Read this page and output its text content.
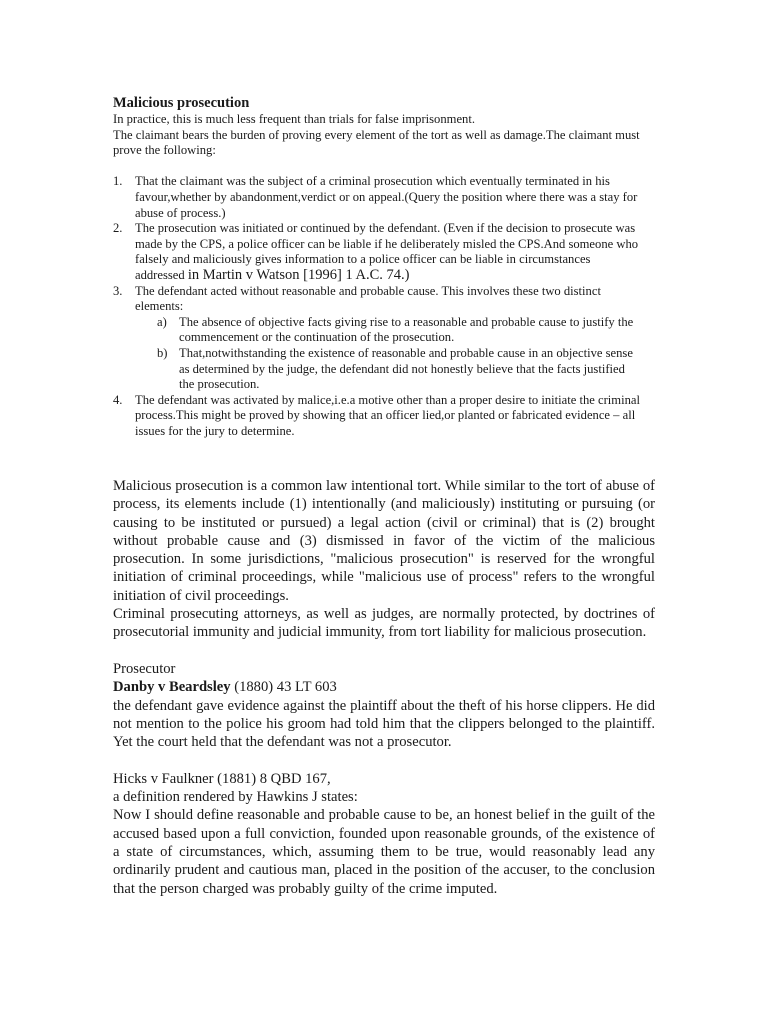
Malicious prosecution

In practice, this is much less frequent than trials for false imprisonment.

The claimant bears the burden of proving every element of the tort as well as damage.The claimant must prove the following:

1. That the claimant was the subject of a criminal prosecution which eventually terminated in his favour,whether by abandonment,verdict or on appeal.(Query the position where there was a stay for abuse of process.)
2. The prosecution was initiated or continued by the defendant. (Even if the decision to prosecute was made by the CPS, a police officer can be liable if he deliberately misled the CPS.And someone who falsely and maliciously gives information to a police officer can be liable in circumstances addressed in Martin v Watson [1996] 1 A.C. 74.)
3. The defendant acted without reasonable and probable cause. This involves these two distinct elements:
a) The absence of objective facts giving rise to a reasonable and probable cause to justify the commencement or the continuation of the prosecution.
b) That,notwithstanding the existence of reasonable and probable cause in an objective sense as determined by the judge, the defendant did not honestly believe that the facts justified the prosecution.
4. The defendant was activated by malice,i.e.a motive other than a proper desire to initiate the criminal process.This might be proved by showing that an officer lied,or planted or fabricated evidence – all issues for the jury to determine.

Malicious prosecution is a common law intentional tort. While similar to the tort of abuse of process, its elements include (1) intentionally (and maliciously) instituting or pursuing (or causing to be instituted or pursued) a legal action (civil or criminal) that is (2) brought without probable cause and (3) dismissed in favor of the victim of the malicious prosecution. In some jurisdictions, "malicious prosecution" is reserved for the wrongful initiation of criminal proceedings, while "malicious use of process" refers to the wrongful initiation of civil proceedings.

Criminal prosecuting attorneys, as well as judges, are normally protected, by doctrines of prosecutorial immunity and judicial immunity, from tort liability for malicious prosecution.

Prosecutor

Danby v Beardsley (1880) 43 LT 603

the defendant gave evidence against the plaintiff about the theft of his horse clippers. He did not mention to the police his groom had told him that the clippers belonged to the plaintiff. Yet the court held that the defendant was not a prosecutor.

Hicks v Faulkner (1881) 8 QBD 167,

a definition rendered by Hawkins J states:

Now I should define reasonable and probable cause to be, an honest belief in the guilt of the accused based upon a full conviction, founded upon reasonable grounds, of the existence of a state of circumstances, which, assuming them to be true, would reasonably lead any ordinarily prudent and cautious man, placed in the position of the accuser, to the conclusion that the person charged was probably guilty of the crime imputed.
